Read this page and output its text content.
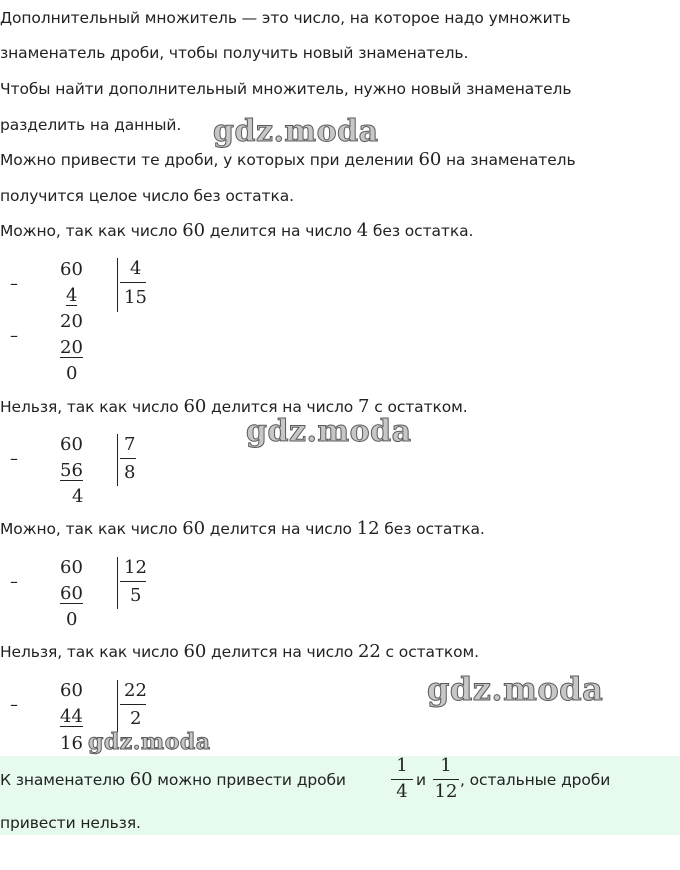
Дополнительный множитель — это число, на которое надо умножить
знаменатель дроби, чтобы получить новый знаменатель.
Чтобы найти дополнительный множитель, нужно новый знаменатель
разделить на данный.
Можно привести те дроби, у которых при делении 60 на знаменатель
получится целое число без остатка.
Можно, так как число 60 делится на число 4 без остатка.
–
60
4
–
20
20
0
4
15
Нельзя, так как число 60 делится на число 7 с остатком.
–
60
56
4
7
8
Можно, так как число 60 делится на число 12 без остатка.
–
60
60
0
12
5
Нельзя, так как число 60 делится на число 22 с остатком.
–
60
44
16
22
2
К знаменателю 60 можно привести дроби
1
4
и
1
12
, остальные дроби
привести нельзя.
gdz.moda
gdz.moda
gdz.moda
gdz.moda
